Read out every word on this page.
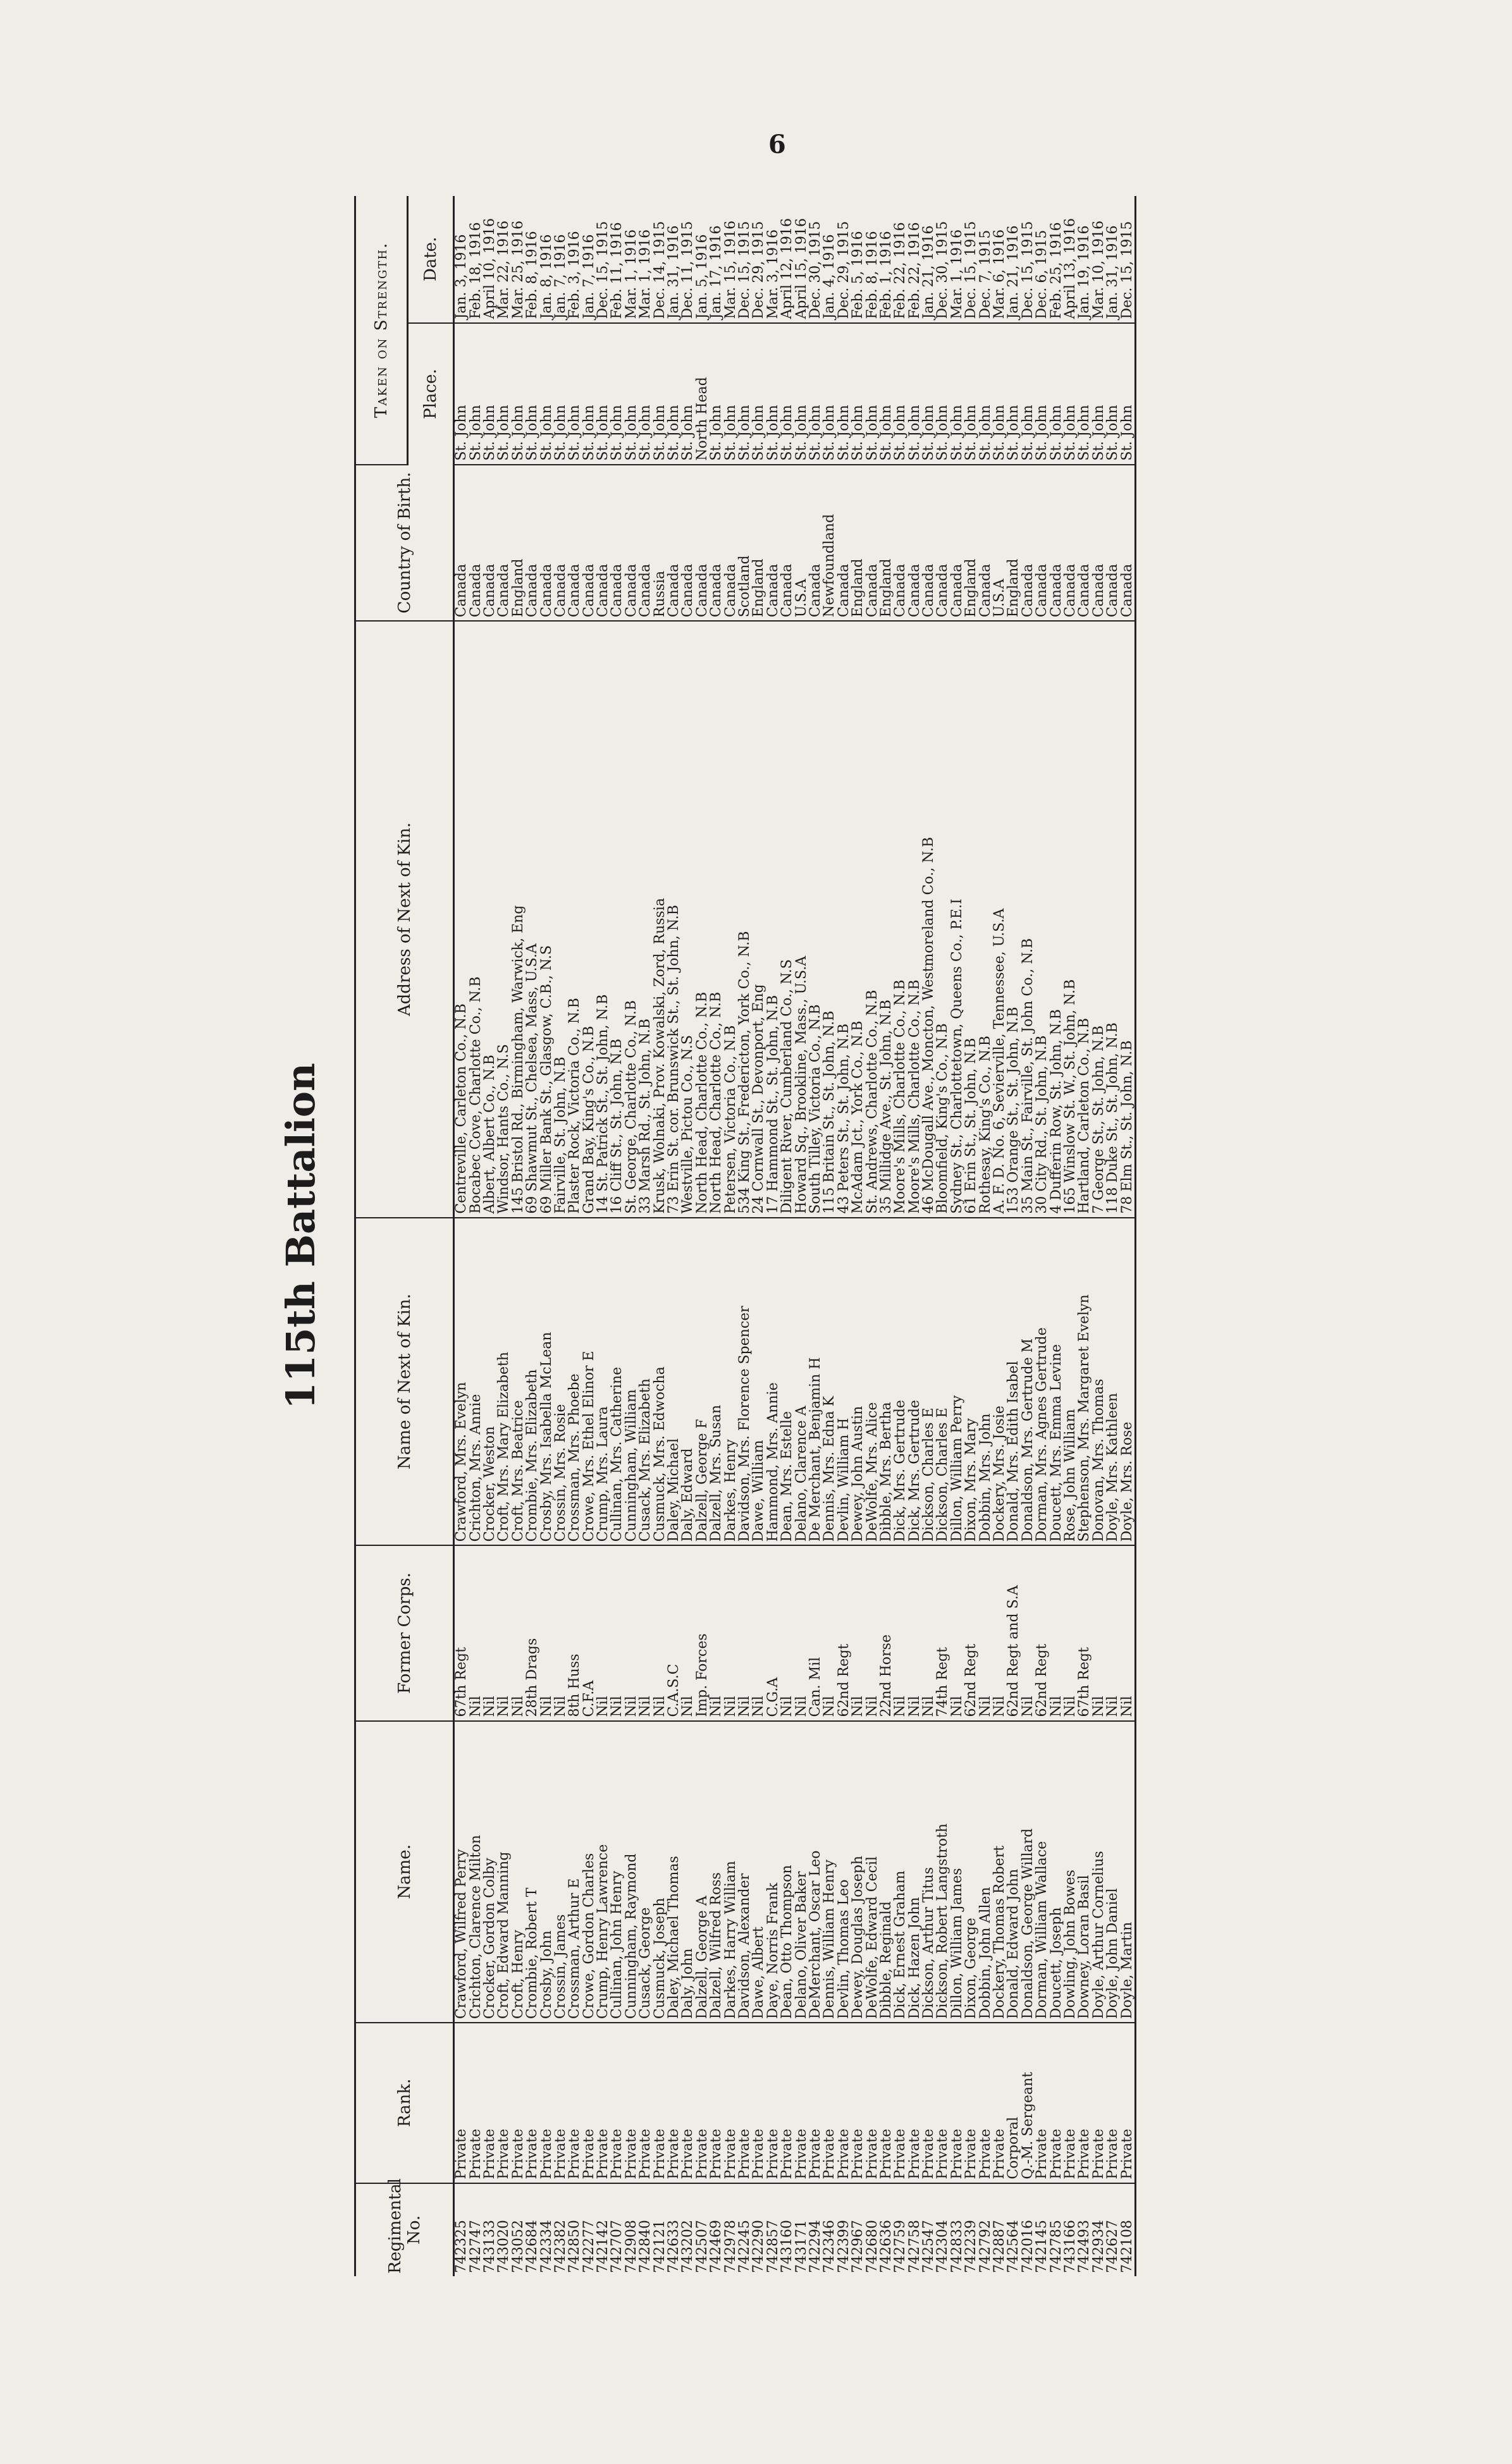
6
115th Battalion
Regimental No.	Rank.	Name.	Former Corps.	Name of Next of Kin.	Address of Next of Kin.	Country of Birth.	Taken on Strength.	
							Place.	Date.
742325	Private	Crawford, Wilfred Perry	67th Regt	Crawford, Mrs. Evelyn	Centreville, Carleton Co., N.B	Canada	St. John	Jan. 3, 1916
742747	Private	Crichton, Clarence Milton	Nil	Crichton, Mrs. Annie	Bocabec Cove, Charlotte Co., N.B	Canada	St. John	Feb. 18, 1916
743133	Private	Crocker, Gordon Colby	Nil	Crocker, Weston	Albert, Albert Co., N.B	Canada	St. John	April 10, 1916
743020	Private	Croft, Edward Manning	Nil	Croft, Mrs. Mary Elizabeth	Windsor, Hants Co., N.S	Canada	St. John	Mar. 22, 1916
743052	Private	Croft, Henry	Nil	Croft, Mrs. Beatrice	145 Bristol Rd., Birmingham, Warwick, Eng	England	St. John	Mar. 25, 1916
742684	Private	Crombie, Robert T	28th Drags	Crombie, Mrs. Elizabeth	69 Shawmut St., Chelsea, Mass, U.S.A	Canada	St. John	Feb. 8, 1916
742334	Private	Crosby, John	Nil	Crosby, Mrs. Isabella McLean	69 Miller Bank St., Glasgow, C.B., N.S	Canada	St. John	Jan. 8, 1916
742382	Private	Crossin, James	Nil	Crossin, Mrs. Rosie	Fairville, St. John, N.B	Canada	St. John	Jan. 7, 1916
742850	Private	Crossman, Arthur E	8th Huss	Crossman, Mrs. Phoebe	Plaster Rock, Victoria Co., N.B	Canada	St. John	Feb. 3, 1916
742277	Private	Crowe, Gordon Charles	C.F.A	Crowe, Mrs. Ethel Elinor E	Grand Bay, King's Co., N.B	Canada	St. John	Jan. 7, 1916
742142	Private	Crump, Henry Lawrence	Nil	Crump, Mrs. Laura	14 St. Patrick St., St. John, N.B	Canada	St. John	Dec. 15, 1915
742707	Private	Cullinan, John Henry	Nil	Cullinan, Mrs. Catherine	16 Cliff St., St. John, N.B	Canada	St. John	Feb. 11, 1916
742908	Private	Cunningham, Raymond	Nil	Cunningham, William	St. George, Charlotte Co., N.B	Canada	St. John	Mar. 1, 1916
742840	Private	Cusack, George	Nil	Cusack, Mrs. Elizabeth	33 Marsh Rd., St. John, N.B	Canada	St. John	Mar. 1, 1916
742121	Private	Cusmuck, Joseph	Nil	Cusmuck, Mrs. Edwocha	Krusk, Wolnaki, Prov. Kowalski, Zord, Russia	Russia	St. John	Dec. 14, 1915
742633	Private	Daley, Michael Thomas	C.A.S.C	Daley, Michael	73 Erin St. cor. Brunswick St., St. John, N.B	Canada	St. John	Jan. 31, 1916
743202	Private	Daly, John	Nil	Daly, Edward	Westville, Pictou Co., N.S	Canada	St. John	Dec. 11, 1915
742507	Private	Dalzell, George A	Imp. Forces	Dalzell, George F	North Head, Charlotte Co., N.B	Canada	North Head	Jan. 5, 1916
742469	Private	Dalzell, Wilfred Ross	Nil	Dalzell, Mrs. Susan	North Head, Charlotte Co., N.B	Canada	St. John	Jan. 17, 1916
742978	Private	Darkes, Harry William	Nil	Darkes, Henry	Petersen, Victoria Co., N.B	Canada	St. John	Mar. 15, 1916
742245	Private	Davidson, Alexander	Nil	Davidson, Mrs. Florence Spencer	534 King St., Fredericton, York Co., N.B	Scotland	St. John	Dec. 15, 1915
742290	Private	Dawe, Albert	Nil	Dawe, William	24 Cornwall St., Devonport, Eng	England	St. John	Dec. 29, 1915
742857	Private	Daye, Norris Frank	C.G.A	Hammond, Mrs. Annie	17 Hammond St., St. John, N.B	Canada	St. John	Mar. 3, 1916
743160	Private	Dean, Otto Thompson	Nil	Dean, Mrs. Estelle	Diligent River, Cumberland Co., N.S	Canada	St. John	April 12, 1916
743171	Private	Delano, Oliver Baker	Nil	Delano, Clarence A	Howard Sq., Brookline, Mass., U.S.A	U.S.A	St. John	April 15, 1916
742294	Private	DeMerchant, Oscar Leo	Can. Mil	De Merchant, Benjamin H	South Tilley, Victoria Co., N.B	Canada	St. John	Dec. 30, 1915
742346	Private	Dennis, William Henry	Nil	Dennis, Mrs. Edna K	115 Britain St., St. John, N.B	Newfoundland	St. John	Jan. 4, 1916
742399	Private	Devlin, Thomas Leo	62nd Regt	Devlin, William H	43 Peters St., St. John, N.B	Canada	St. John	Dec. 29, 1915
742967	Private	Dewey, Douglas Joseph	Nil	Dewey, John Austin	McAdam Jct., York Co., N.B	England	St. John	Feb. 5, 1916
742680	Private	DeWolfe, Edward Cecil	Nil	DeWolfe, Mrs. Alice	St. Andrews, Charlotte Co., N.B	Canada	St. John	Feb. 8, 1916
742636	Private	Dibble, Reginald	22nd Horse	Dibble, Mrs. Bertha	35 Millidge Ave., St. John, N.B	England	St. John	Feb. 1, 1916
742759	Private	Dick, Ernest Graham	Nil	Dick, Mrs. Gertrude	Moore's Mills, Charlotte Co., N.B	Canada	St. John	Feb. 22, 1916
742758	Private	Dick, Hazen John	Nil	Dick, Mrs. Gertrude	Moore's Mills, Charlotte Co., N.B	Canada	St. John	Feb. 22, 1916
742547	Private	Dickson, Arthur Titus	Nil	Dickson, Charles E	46 McDougall Ave., Moncton, Westmoreland Co., N.B	Canada	St. John	Jan. 21, 1916
742304	Private	Dickson, Robert Langstroth	74th Regt	Dickson, Charles E	Bloomfield, King's Co., N.B	Canada	St. John	Dec. 30, 1915
742833	Private	Dillon, William James	Nil	Dillon, William Perry	Sydney St., Charlottetown, Queens Co., P.E.I	Canada	St. John	Mar. 1, 1916
742239	Private	Dixon, George	62nd Regt	Dixon, Mrs. Mary	61 Erin St., St. John, N.B	England	St. John	Dec. 15, 1915
742792	Private	Dobbin, John Allen	Nil	Dobbin, Mrs. John	Rothesay, King's Co., N.B	Canada	St. John	Dec. 7, 1915
742887	Private	Dockery, Thomas Robert	Nil	Dockery, Mrs. Josie	A. F. D. No. 6, Sevierville, Tennessee, U.S.A	U.S.A	St. John	Mar. 6, 1916
742564	Corporal	Donald, Edward John	62nd Regt and S.A	Donald, Mrs. Edith Isabel	153 Orange St., St. John, N.B	England	St. John	Jan. 21, 1916
742016	Q.-M. Sergeant	Donaldson, George Willard	Nil	Donaldson, Mrs. Gertrude M	35 Main St., Fairville, St. John Co., N.B	Canada	St. John	Dec. 15, 1915
742145	Private	Dorman, William Wallace	62nd Regt	Dorman, Mrs. Agnes Gertrude	30 City Rd., St. John, N.B	Canada	St. John	Dec. 6, 1915
742785	Private	Doucett, Joseph	Nil	Doucett, Mrs. Emma Levine	4 Dufferin Row, St. John, N.B	Canada	St. John	Feb. 25, 1916
743166	Private	Dowling, John Bowes	Nil	Rose, John William	165 Winslow St. W., St. John, N.B	Canada	St. John	April 13, 1916
742493	Private	Downey, Loran Basil	67th Regt	Stephenson, Mrs. Margaret Evelyn	Hartland, Carleton Co., N.B	Canada	St. John	Jan. 19, 1916
742934	Private	Doyle, Arthur Cornelius	Nil	Donovan, Mrs. Thomas	7 George St., St. John, N.B	Canada	St. John	Mar. 10, 1916
742627	Private	Doyle, John Daniel	Nil	Doyle, Mrs. Kathleen	118 Duke St., St. John, N.B	Canada	St. John	Jan. 31, 1916
742108	Private	Doyle, Martin	Nil	Doyle, Mrs. Rose	78 Elm St., St. John, N.B	Canada	St. John	Dec. 15, 1915
